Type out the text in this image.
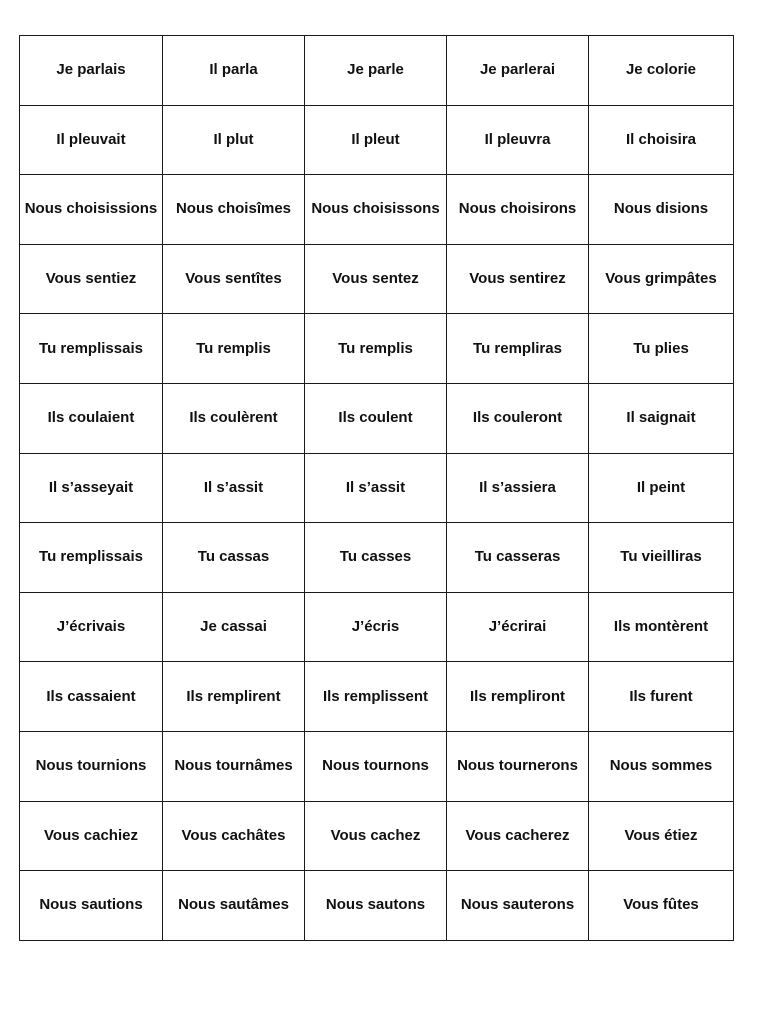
Je parlais	Il parla	Je parle	Je parlerai	Je colorie
Il pleuvait	Il plut	Il pleut	Il pleuvra	Il choisira
Nous choisissions	Nous choisîmes	Nous choisissons	Nous choisirons	Nous disions
Vous sentiez	Vous sentîtes	Vous sentez	Vous sentirez	Vous grimpâtes
Tu remplissais	Tu remplis	Tu remplis	Tu rempliras	Tu plies
Ils coulaient	Ils coulèrent	Ils coulent	Ils couleront	Il saignait
Il s’asseyait	Il s’assit	Il s’assit	Il s’assiera	Il peint
Tu remplissais	Tu cassas	Tu casses	Tu casseras	Tu vieilliras
J’écrivais	Je cassai	J’écris	J’écrirai	Ils montèrent
Ils cassaient	Ils remplirent	Ils remplissent	Ils rempliront	Ils furent
Nous tournions	Nous tournâmes	Nous tournons	Nous tournerons	Nous sommes
Vous cachiez	Vous cachâtes	Vous cachez	Vous cacherez	Vous étiez
Nous sautions	Nous sautâmes	Nous sautons	Nous sauterons	Vous fûtes
